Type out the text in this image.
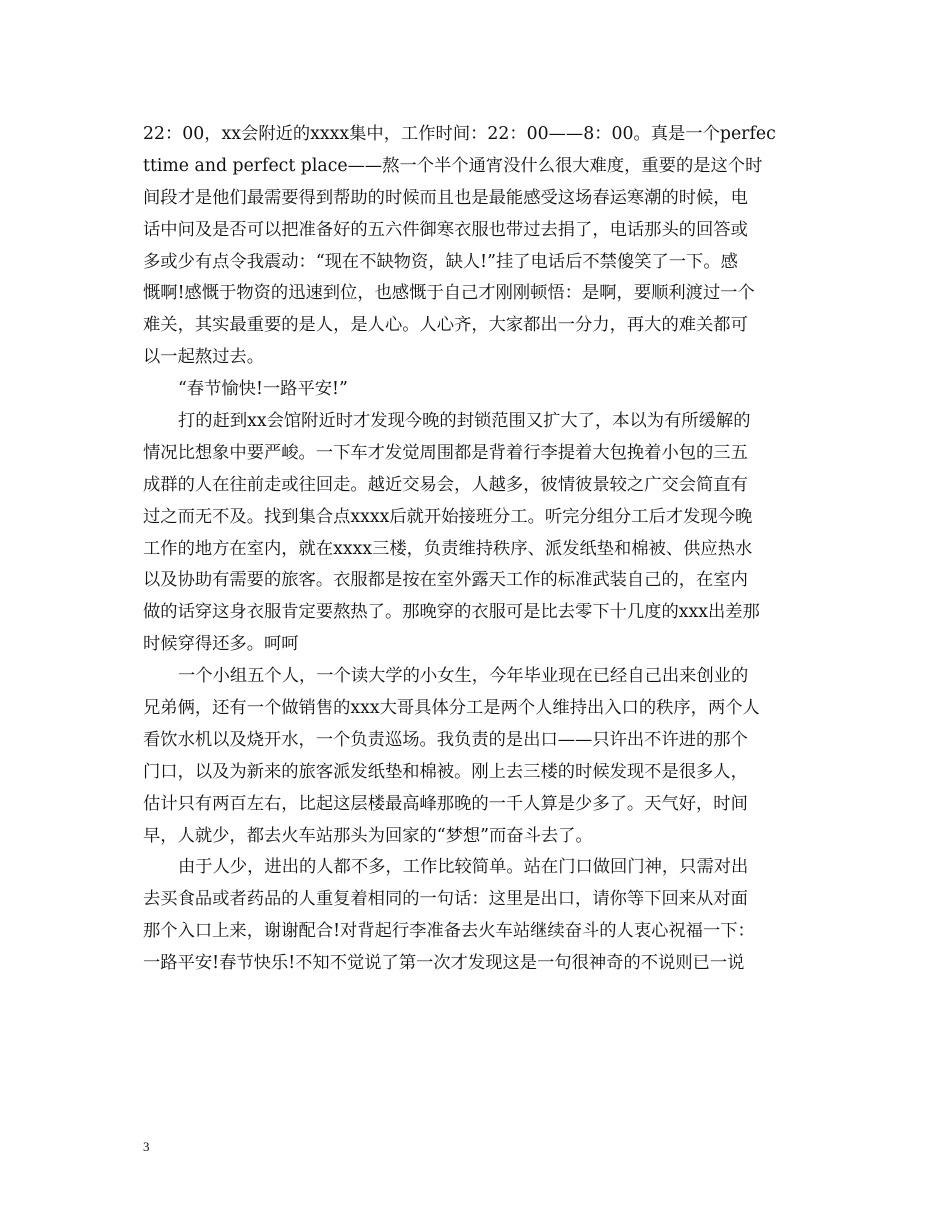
22：00，xx会附近的xxxx集中，工作时间：22：00——8：00。真是一个perfec
ttime and perfect place——熬一个半个通宵没什么很大难度，重要的是这个时
间段才是他们最需要得到帮助的时候而且也是最能感受这场春运寒潮的时候，电
话中问及是否可以把准备好的五六件御寒衣服也带过去捐了，电话那头的回答或
多或少有点令我震动：“现在不缺物资，缺人!”挂了电话后不禁傻笑了一下。感
慨啊!感慨于物资的迅速到位，也感慨于自己才刚刚顿悟：是啊，要顺利渡过一个
难关，其实最重要的是人，是人心。人心齐，大家都出一分力，再大的难关都可
以一起熬过去。
“春节愉快!一路平安!”
打的赶到xx会馆附近时才发现今晚的封锁范围又扩大了，本以为有所缓解的
情况比想象中要严峻。一下车才发觉周围都是背着行李提着大包挽着小包的三五
成群的人在往前走或往回走。越近交易会，人越多，彼情彼景较之广交会简直有
过之而无不及。找到集合点xxxx后就开始接班分工。听完分组分工后才发现今晚
工作的地方在室内，就在xxxx三楼，负责维持秩序、派发纸垫和棉被、供应热水
以及协助有需要的旅客。衣服都是按在室外露天工作的标准武装自己的，在室内
做的话穿这身衣服肯定要熬热了。那晚穿的衣服可是比去零下十几度的xxx出差那
时候穿得还多。呵呵
一个小组五个人，一个读大学的小女生，今年毕业现在已经自己出来创业的
兄弟俩，还有一个做销售的xxx大哥具体分工是两个人维持出入口的秩序，两个人
看饮水机以及烧开水，一个负责巡场。我负责的是出口——只许出不许进的那个
门口，以及为新来的旅客派发纸垫和棉被。刚上去三楼的时候发现不是很多人，
估计只有两百左右，比起这层楼最高峰那晚的一千人算是少多了。天气好，时间
早，人就少，都去火车站那头为回家的“梦想”而奋斗去了。
由于人少，进出的人都不多，工作比较简单。站在门口做回门神，只需对出
去买食品或者药品的人重复着相同的一句话：这里是出口，请你等下回来从对面
那个入口上来，谢谢配合!对背起行李准备去火车站继续奋斗的人衷心祝福一下：
一路平安!春节快乐!不知不觉说了第一次才发现这是一句很神奇的不说则已一说
3
